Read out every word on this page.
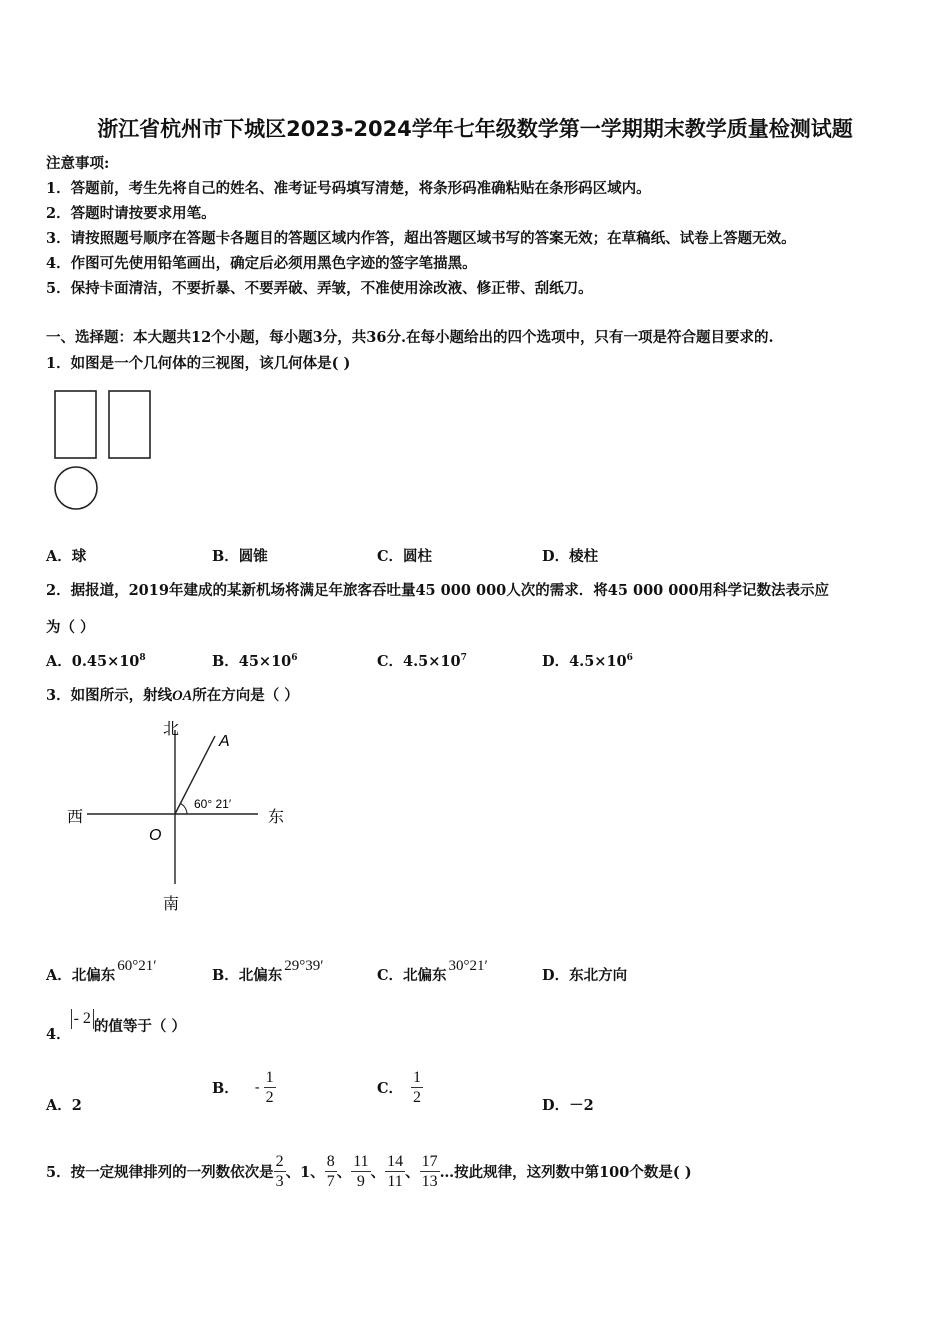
浙江省杭州市下城区2023-2024学年七年级数学第一学期期末教学质量检测试题
注意事项:
1．答题前，考生先将自己的姓名、准考证号码填写清楚，将条形码准确粘贴在条形码区域内。
2．答题时请按要求用笔。
3．请按照题号顺序在答题卡各题目的答题区域内作答，超出答题区域书写的答案无效；在草稿纸、试卷上答题无效。
4．作图可先使用铅笔画出，确定后必须用黑色字迹的签字笔描黑。
5．保持卡面清洁，不要折暴、不要弄破、弄皱，不准使用涂改液、修正带、刮纸刀。
一、选择题：本大题共12个小题，每小题3分，共36分.在每小题给出的四个选项中，只有一项是符合题目要求的.
1．如图是一个几何体的三视图，该几何体是( )
A．球	B．圆锥	C．圆柱	D．棱柱
2．据报道，2019年建成的某新机场将满足年旅客吞吐量45 000 000人次的需求．将45 000 000用科学记数法表示应
为（ ）
A．$0.45\times 10^8$	B．$45\times 10^6$	C．$4.5\times 10^7$	D．$4.5\times 10^6$
3．如图所示，射线OA所在方向是（ ）
北
南
西	东
O
A
60° 21′
A．北偏东60°21′
B．北偏东29°39′
C．北偏东30°21′
D．东北方向
4．- 2 的值等于（ ）
A．2
B． - $\frac{1}{2}$	C． $\frac{1}{2}$	D．－2
5．按一定规律排列的一列数依次是 $\frac{2}{3}$ 、1、 $\frac{8}{7}$ 、 $\frac{11}{9}$ 、 $\frac{14}{11}$ 、 $\frac{17}{13}$ …按此规律，这列数中第100个数是( )
